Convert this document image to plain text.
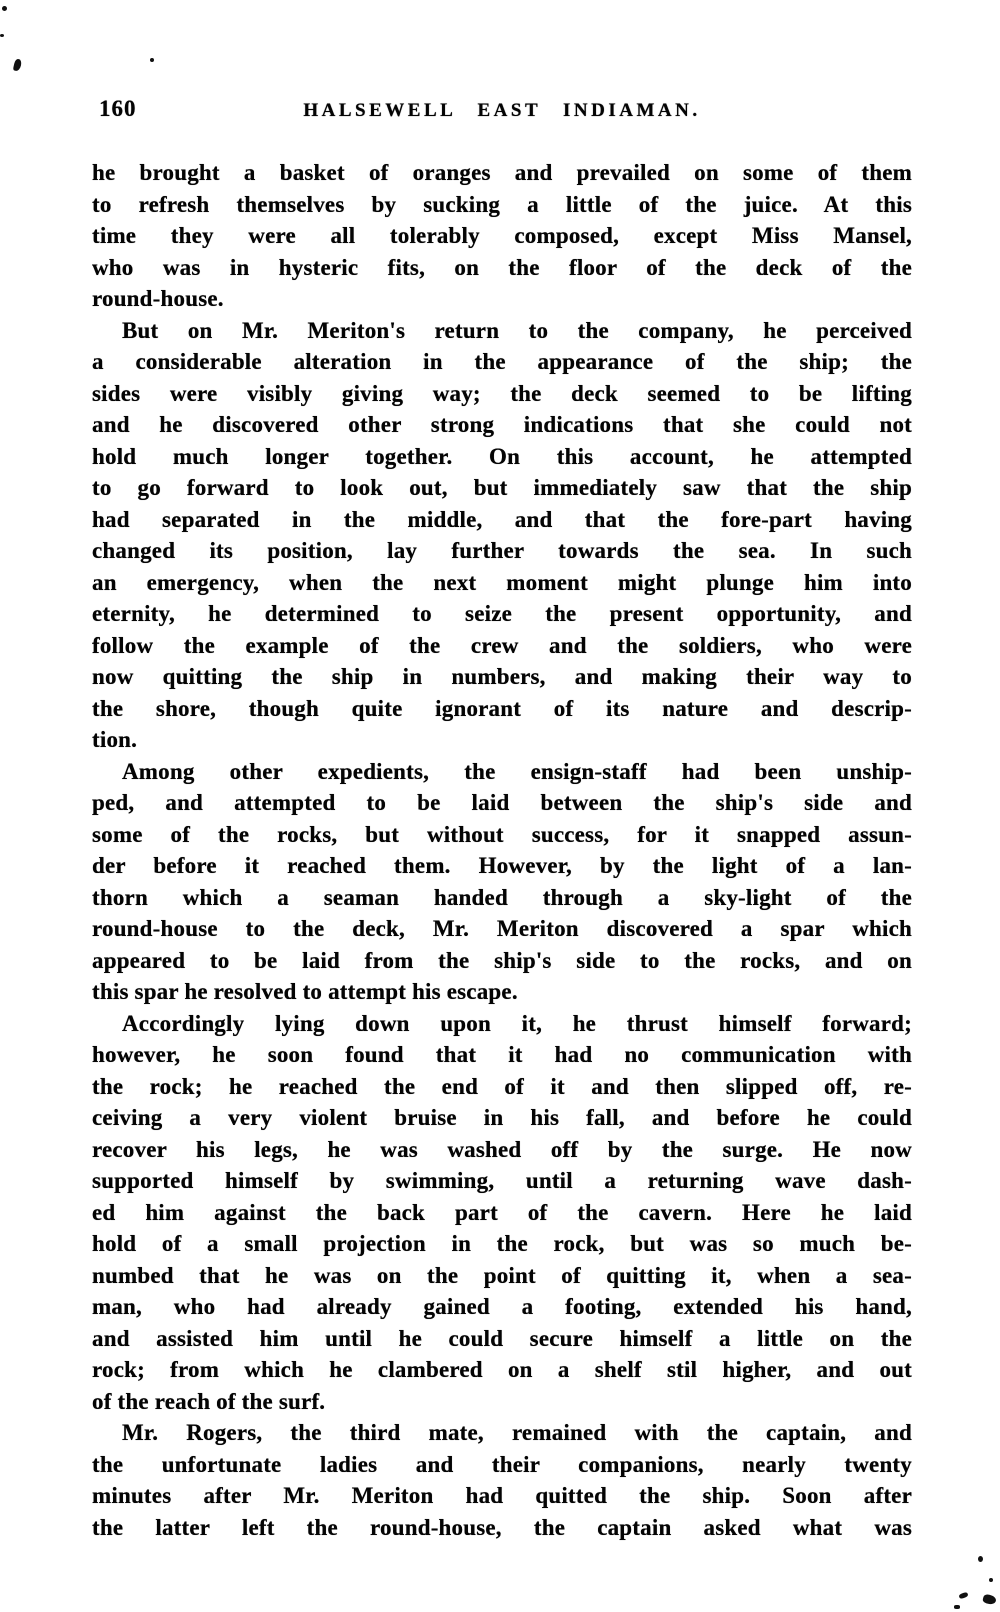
160	HALSEWELL EAST INDIAMAN.
he brought a basket of oranges and prevailed on some of them
to refresh themselves by sucking a little of the juice. At this
time they were all tolerably composed, except Miss Mansel,
who was in hysteric fits, on the floor of the deck of the
round-house.
But on Mr. Meriton's return to the company, he perceived
a considerable alteration in the appearance of the ship; the
sides were visibly giving way; the deck seemed to be lifting
and he discovered other strong indications that she could not
hold much longer together. On this account, he attempted
to go forward to look out, but immediately saw that the ship
had separated in the middle, and that the fore-part having
changed its position, lay further towards the sea. In such
an emergency, when the next moment might plunge him into
eternity, he determined to seize the present opportunity, and
follow the example of the crew and the soldiers, who were
now quitting the ship in numbers, and making their way to
the shore, though quite ignorant of its nature and descrip-
tion.
Among other expedients, the ensign-staff had been unship-
ped, and attempted to be laid between the ship's side and
some of the rocks, but without success, for it snapped assun-
der before it reached them. However, by the light of a lan-
thorn which a seaman handed through a sky-light of the
round-house to the deck, Mr. Meriton discovered a spar which
appeared to be laid from the ship's side to the rocks, and on
this spar he resolved to attempt his escape.
Accordingly lying down upon it, he thrust himself forward;
however, he soon found that it had no communication with
the rock; he reached the end of it and then slipped off, re-
ceiving a very violent bruise in his fall, and before he could
recover his legs, he was washed off by the surge. He now
supported himself by swimming, until a returning wave dash-
ed him against the back part of the cavern. Here he laid
hold of a small projection in the rock, but was so much be-
numbed that he was on the point of quitting it, when a sea-
man, who had already gained a footing, extended his hand,
and assisted him until he could secure himself a little on the
rock; from which he clambered on a shelf stil higher, and out
of the reach of the surf.
Mr. Rogers, the third mate, remained with the captain, and
the unfortunate ladies and their companions, nearly twenty
minutes after Mr. Meriton had quitted the ship. Soon after
the latter left the round-house, the captain asked what was
